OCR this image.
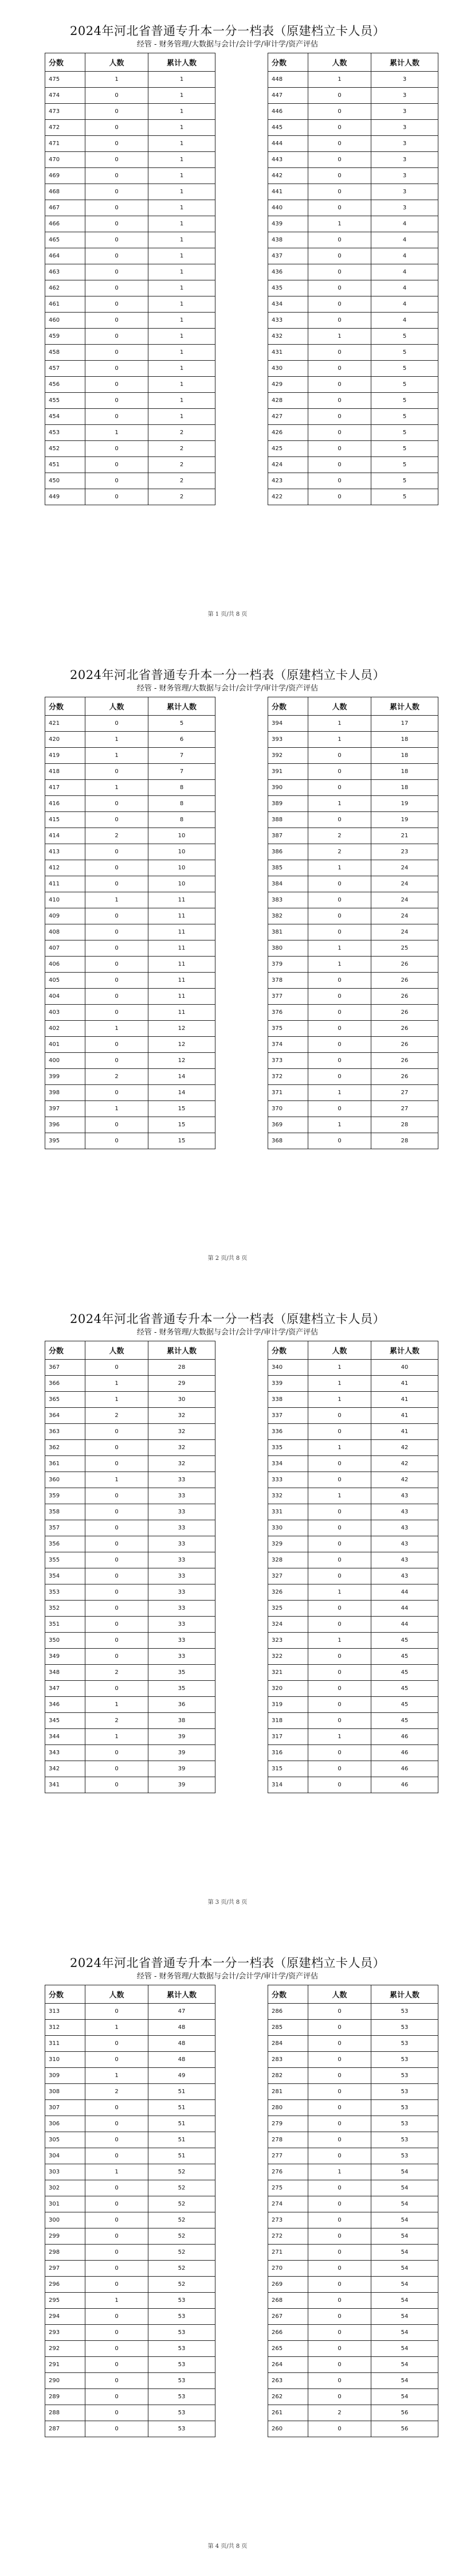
2024年河北省普通专升本一分一档表（原建档立卡人员）
经管 - 财务管理/大数据与会计/会计学/审计学/资产评估
分数	人数	累计人数
475	1	1
474	0	1
473	0	1
472	0	1
471	0	1
470	0	1
469	0	1
468	0	1
467	0	1
466	0	1
465	0	1
464	0	1
463	0	1
462	0	1
461	0	1
460	0	1
459	0	1
458	0	1
457	0	1
456	0	1
455	0	1
454	0	1
453	1	2
452	0	2
451	0	2
450	0	2
449	0	2
分数	人数	累计人数
448	1	3
447	0	3
446	0	3
445	0	3
444	0	3
443	0	3
442	0	3
441	0	3
440	0	3
439	1	4
438	0	4
437	0	4
436	0	4
435	0	4
434	0	4
433	0	4
432	1	5
431	0	5
430	0	5
429	0	5
428	0	5
427	0	5
426	0	5
425	0	5
424	0	5
423	0	5
422	0	5
第 1 页/共 8 页
2024年河北省普通专升本一分一档表（原建档立卡人员）
经管 - 财务管理/大数据与会计/会计学/审计学/资产评估
分数	人数	累计人数
421	0	5
420	1	6
419	1	7
418	0	7
417	1	8
416	0	8
415	0	8
414	2	10
413	0	10
412	0	10
411	0	10
410	1	11
409	0	11
408	0	11
407	0	11
406	0	11
405	0	11
404	0	11
403	0	11
402	1	12
401	0	12
400	0	12
399	2	14
398	0	14
397	1	15
396	0	15
395	0	15
分数	人数	累计人数
394	1	17
393	1	18
392	0	18
391	0	18
390	0	18
389	1	19
388	0	19
387	2	21
386	2	23
385	1	24
384	0	24
383	0	24
382	0	24
381	0	24
380	1	25
379	1	26
378	0	26
377	0	26
376	0	26
375	0	26
374	0	26
373	0	26
372	0	26
371	1	27
370	0	27
369	1	28
368	0	28
第 2 页/共 8 页
2024年河北省普通专升本一分一档表（原建档立卡人员）
经管 - 财务管理/大数据与会计/会计学/审计学/资产评估
分数	人数	累计人数
367	0	28
366	1	29
365	1	30
364	2	32
363	0	32
362	0	32
361	0	32
360	1	33
359	0	33
358	0	33
357	0	33
356	0	33
355	0	33
354	0	33
353	0	33
352	0	33
351	0	33
350	0	33
349	0	33
348	2	35
347	0	35
346	1	36
345	2	38
344	1	39
343	0	39
342	0	39
341	0	39
分数	人数	累计人数
340	1	40
339	1	41
338	1	41
337	0	41
336	0	41
335	1	42
334	0	42
333	0	42
332	1	43
331	0	43
330	0	43
329	0	43
328	0	43
327	0	43
326	1	44
325	0	44
324	0	44
323	1	45
322	0	45
321	0	45
320	0	45
319	0	45
318	0	45
317	1	46
316	0	46
315	0	46
314	0	46
第 3 页/共 8 页
2024年河北省普通专升本一分一档表（原建档立卡人员）
经管 - 财务管理/大数据与会计/会计学/审计学/资产评估
分数	人数	累计人数
313	0	47
312	1	48
311	0	48
310	0	48
309	1	49
308	2	51
307	0	51
306	0	51
305	0	51
304	0	51
303	1	52
302	0	52
301	0	52
300	0	52
299	0	52
298	0	52
297	0	52
296	0	52
295	1	53
294	0	53
293	0	53
292	0	53
291	0	53
290	0	53
289	0	53
288	0	53
287	0	53
分数	人数	累计人数
286	0	53
285	0	53
284	0	53
283	0	53
282	0	53
281	0	53
280	0	53
279	0	53
278	0	53
277	0	53
276	1	54
275	0	54
274	0	54
273	0	54
272	0	54
271	0	54
270	0	54
269	0	54
268	0	54
267	0	54
266	0	54
265	0	54
264	0	54
263	0	54
262	0	54
261	2	56
260	0	56
第 4 页/共 8 页
